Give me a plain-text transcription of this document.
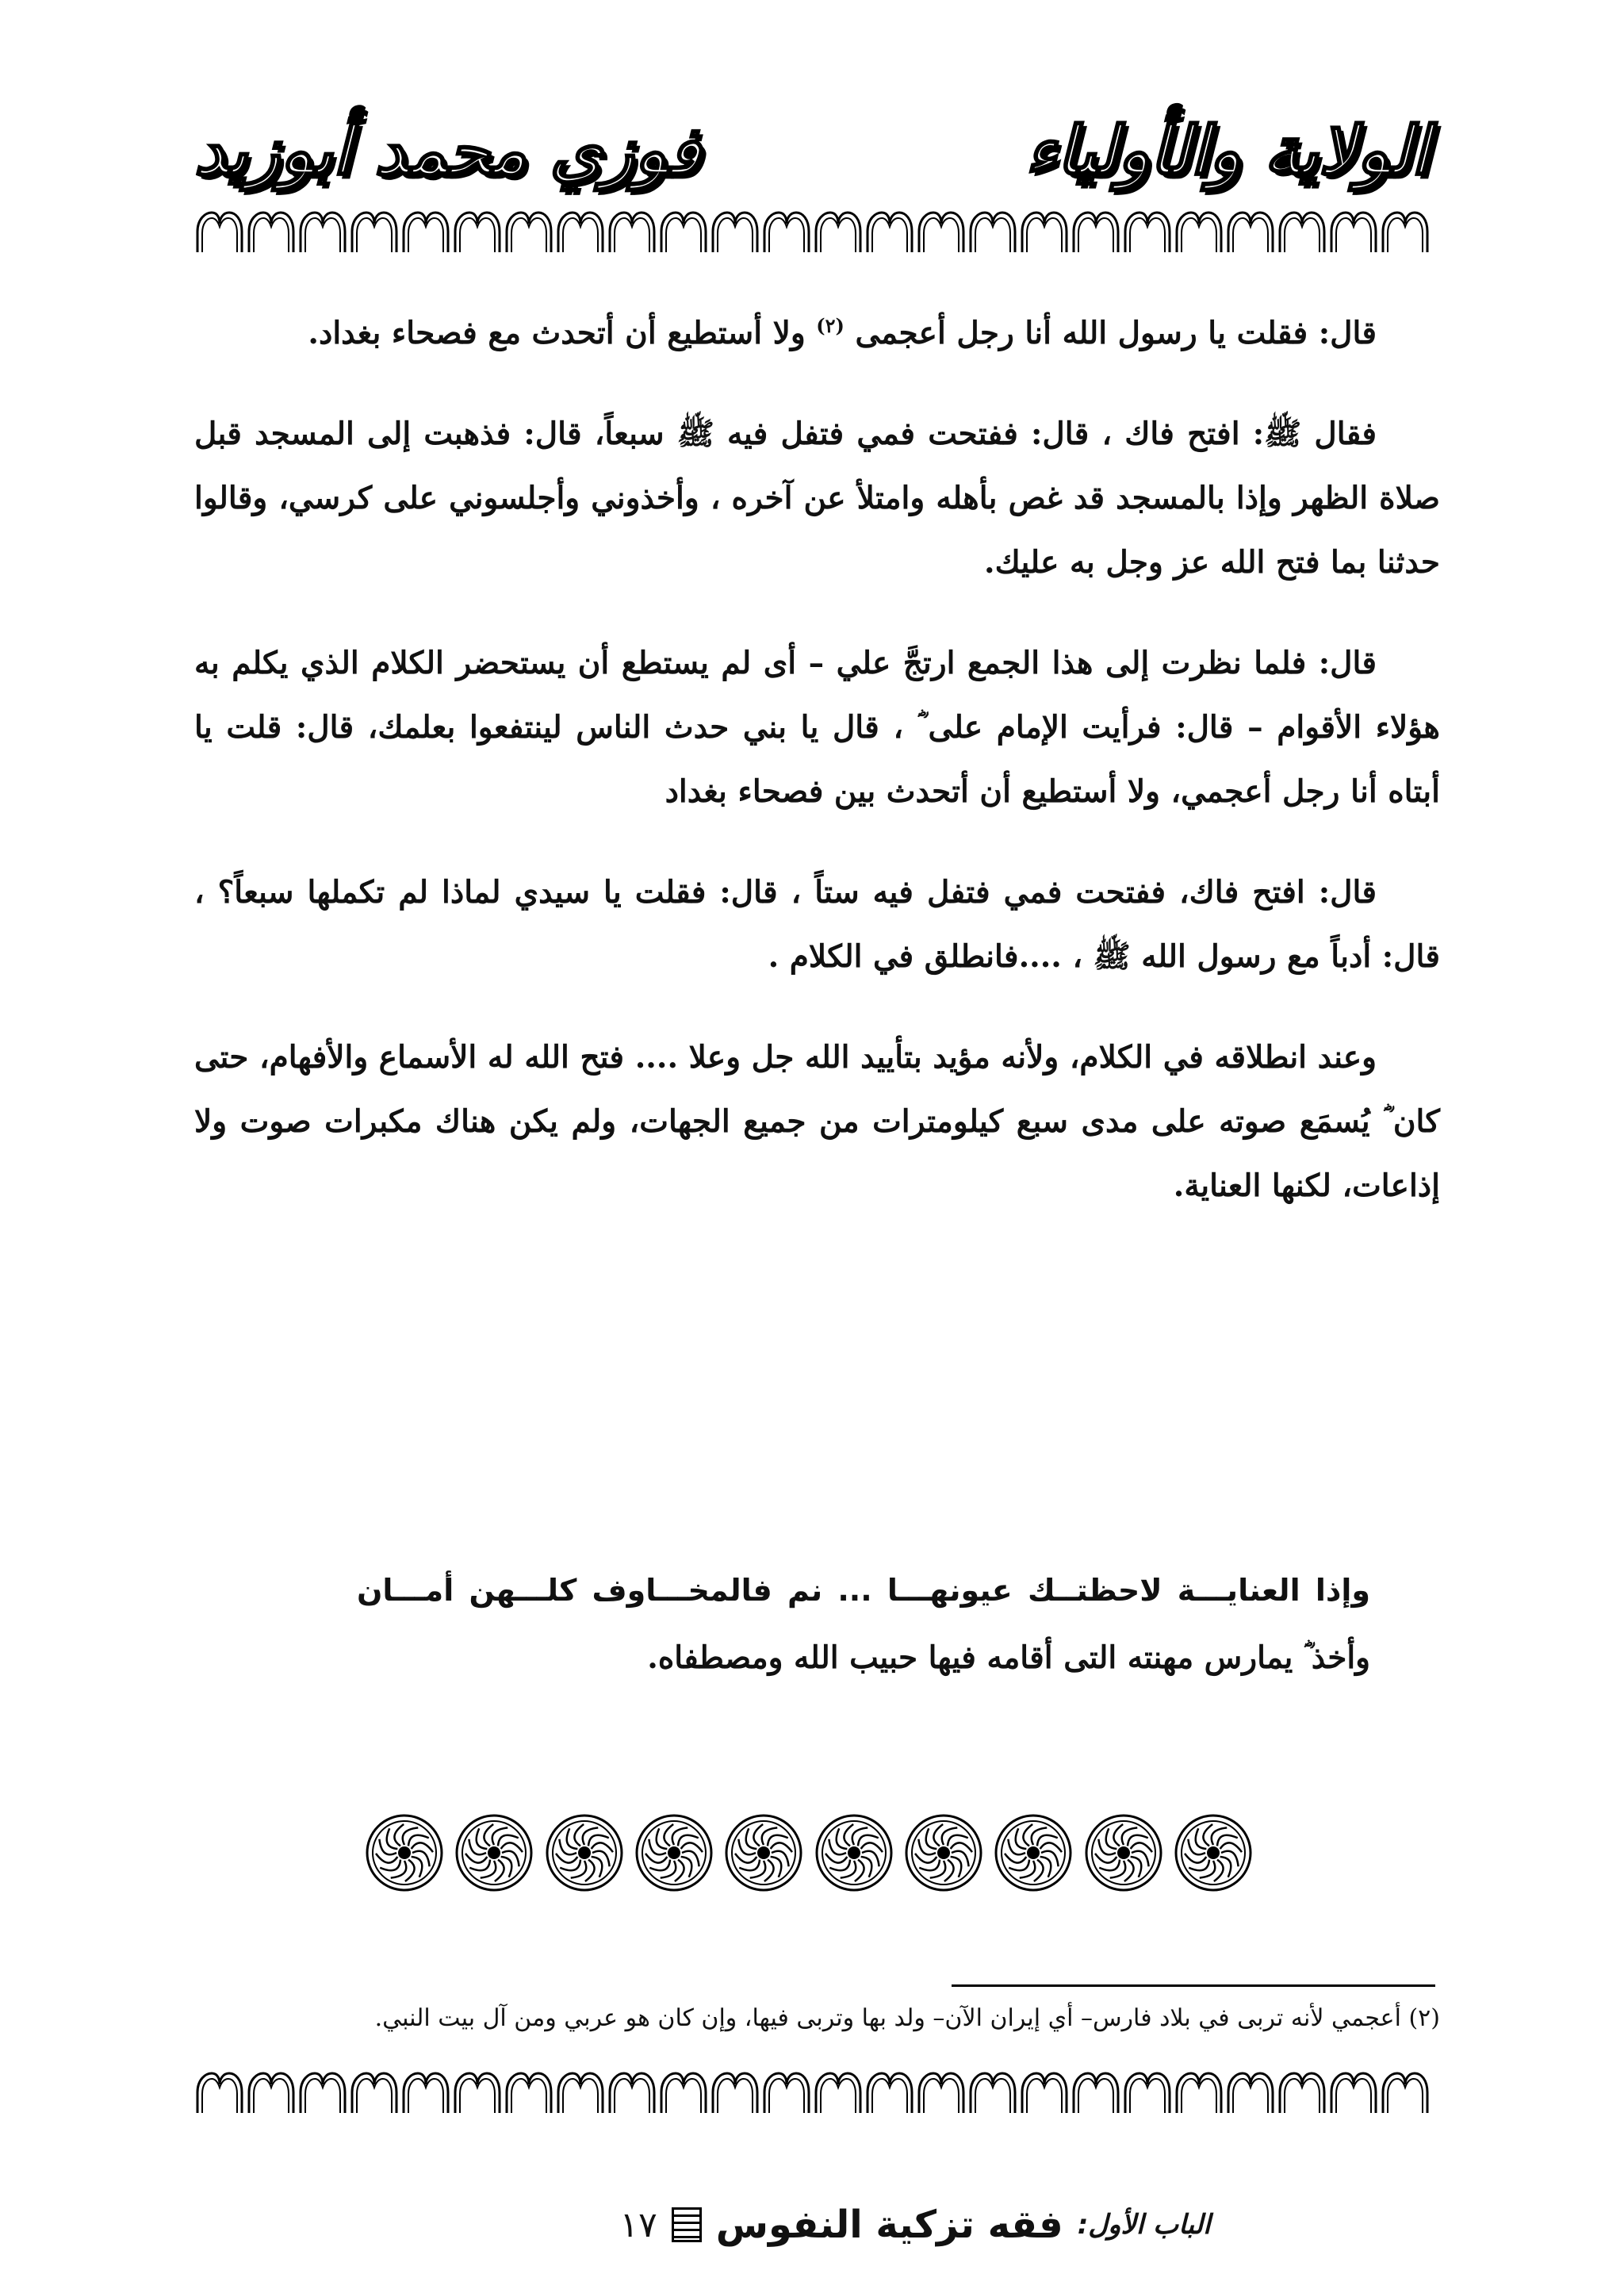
الولاية والأولياء
فوزي محمد أبوزيد

قال: فقلت يا رسول الله أنا رجل أعجمى $^{(٢)}$ ولا أستطيع أن أتحدث مع فصحاء بغداد.

فقال ﷺ: افتح فاك ، قال: ففتحت فمي فتفل فيه ﷺ سبعاً، قال: فذهبت إلى المسجد قبل صلاة الظهر وإذا بالمسجد قد غص بأهله وامتلأ عن آخره ، وأخذوني وأجلسوني على كرسي، وقالوا حدثنا بما فتح الله عز وجل به عليك.

قال: فلما نظرت إلى هذا الجمع ارتجَّ علي – أى لم يستطع أن يستحضر الكلام الذي يكلم به هؤلاء الأقوام – قال: فرأيت الإمام على ؓ ، قال يا بني حدث الناس لينتفعوا بعلمك، قال: قلت يا أبتاه أنا رجل أعجمي، ولا أستطيع أن أتحدث بين فصحاء بغداد

قال: افتح فاك، ففتحت فمي فتفل فيه ستاً ، قال: فقلت يا سيدي لماذا لم تكملها سبعاً؟ ، قال: أدباً مع رسول الله ﷺ ، ....فانطلق في الكلام .

وعند انطلاقه في الكلام، ولأنه مؤيد بتأييد الله جل وعلا .... فتح الله له الأسماع والأفهام، حتى كان ؓ يُسمَع صوته على مدى سبع كيلومترات من جميع الجهات، ولم يكن هناك مكبرات صوت ولا إذاعات، لكنها العناية.

وإذا العنايـــة لاحظتــك عيونهـــا ... نم فالمخـــاوف كلـــهن أمـــان
وأخذ ؓ يمارس مهنته التى أقامه فيها حبيب الله ومصطفاه.
(٢) أعجمي لأنه تربى في بلاد فارس– أي إيران الآن– ولد بها وتربى فيها، وإن كان هو عربي ومن آل بيت النبي.
الباب الأول:
فقه تزكية النفوس
١٧
